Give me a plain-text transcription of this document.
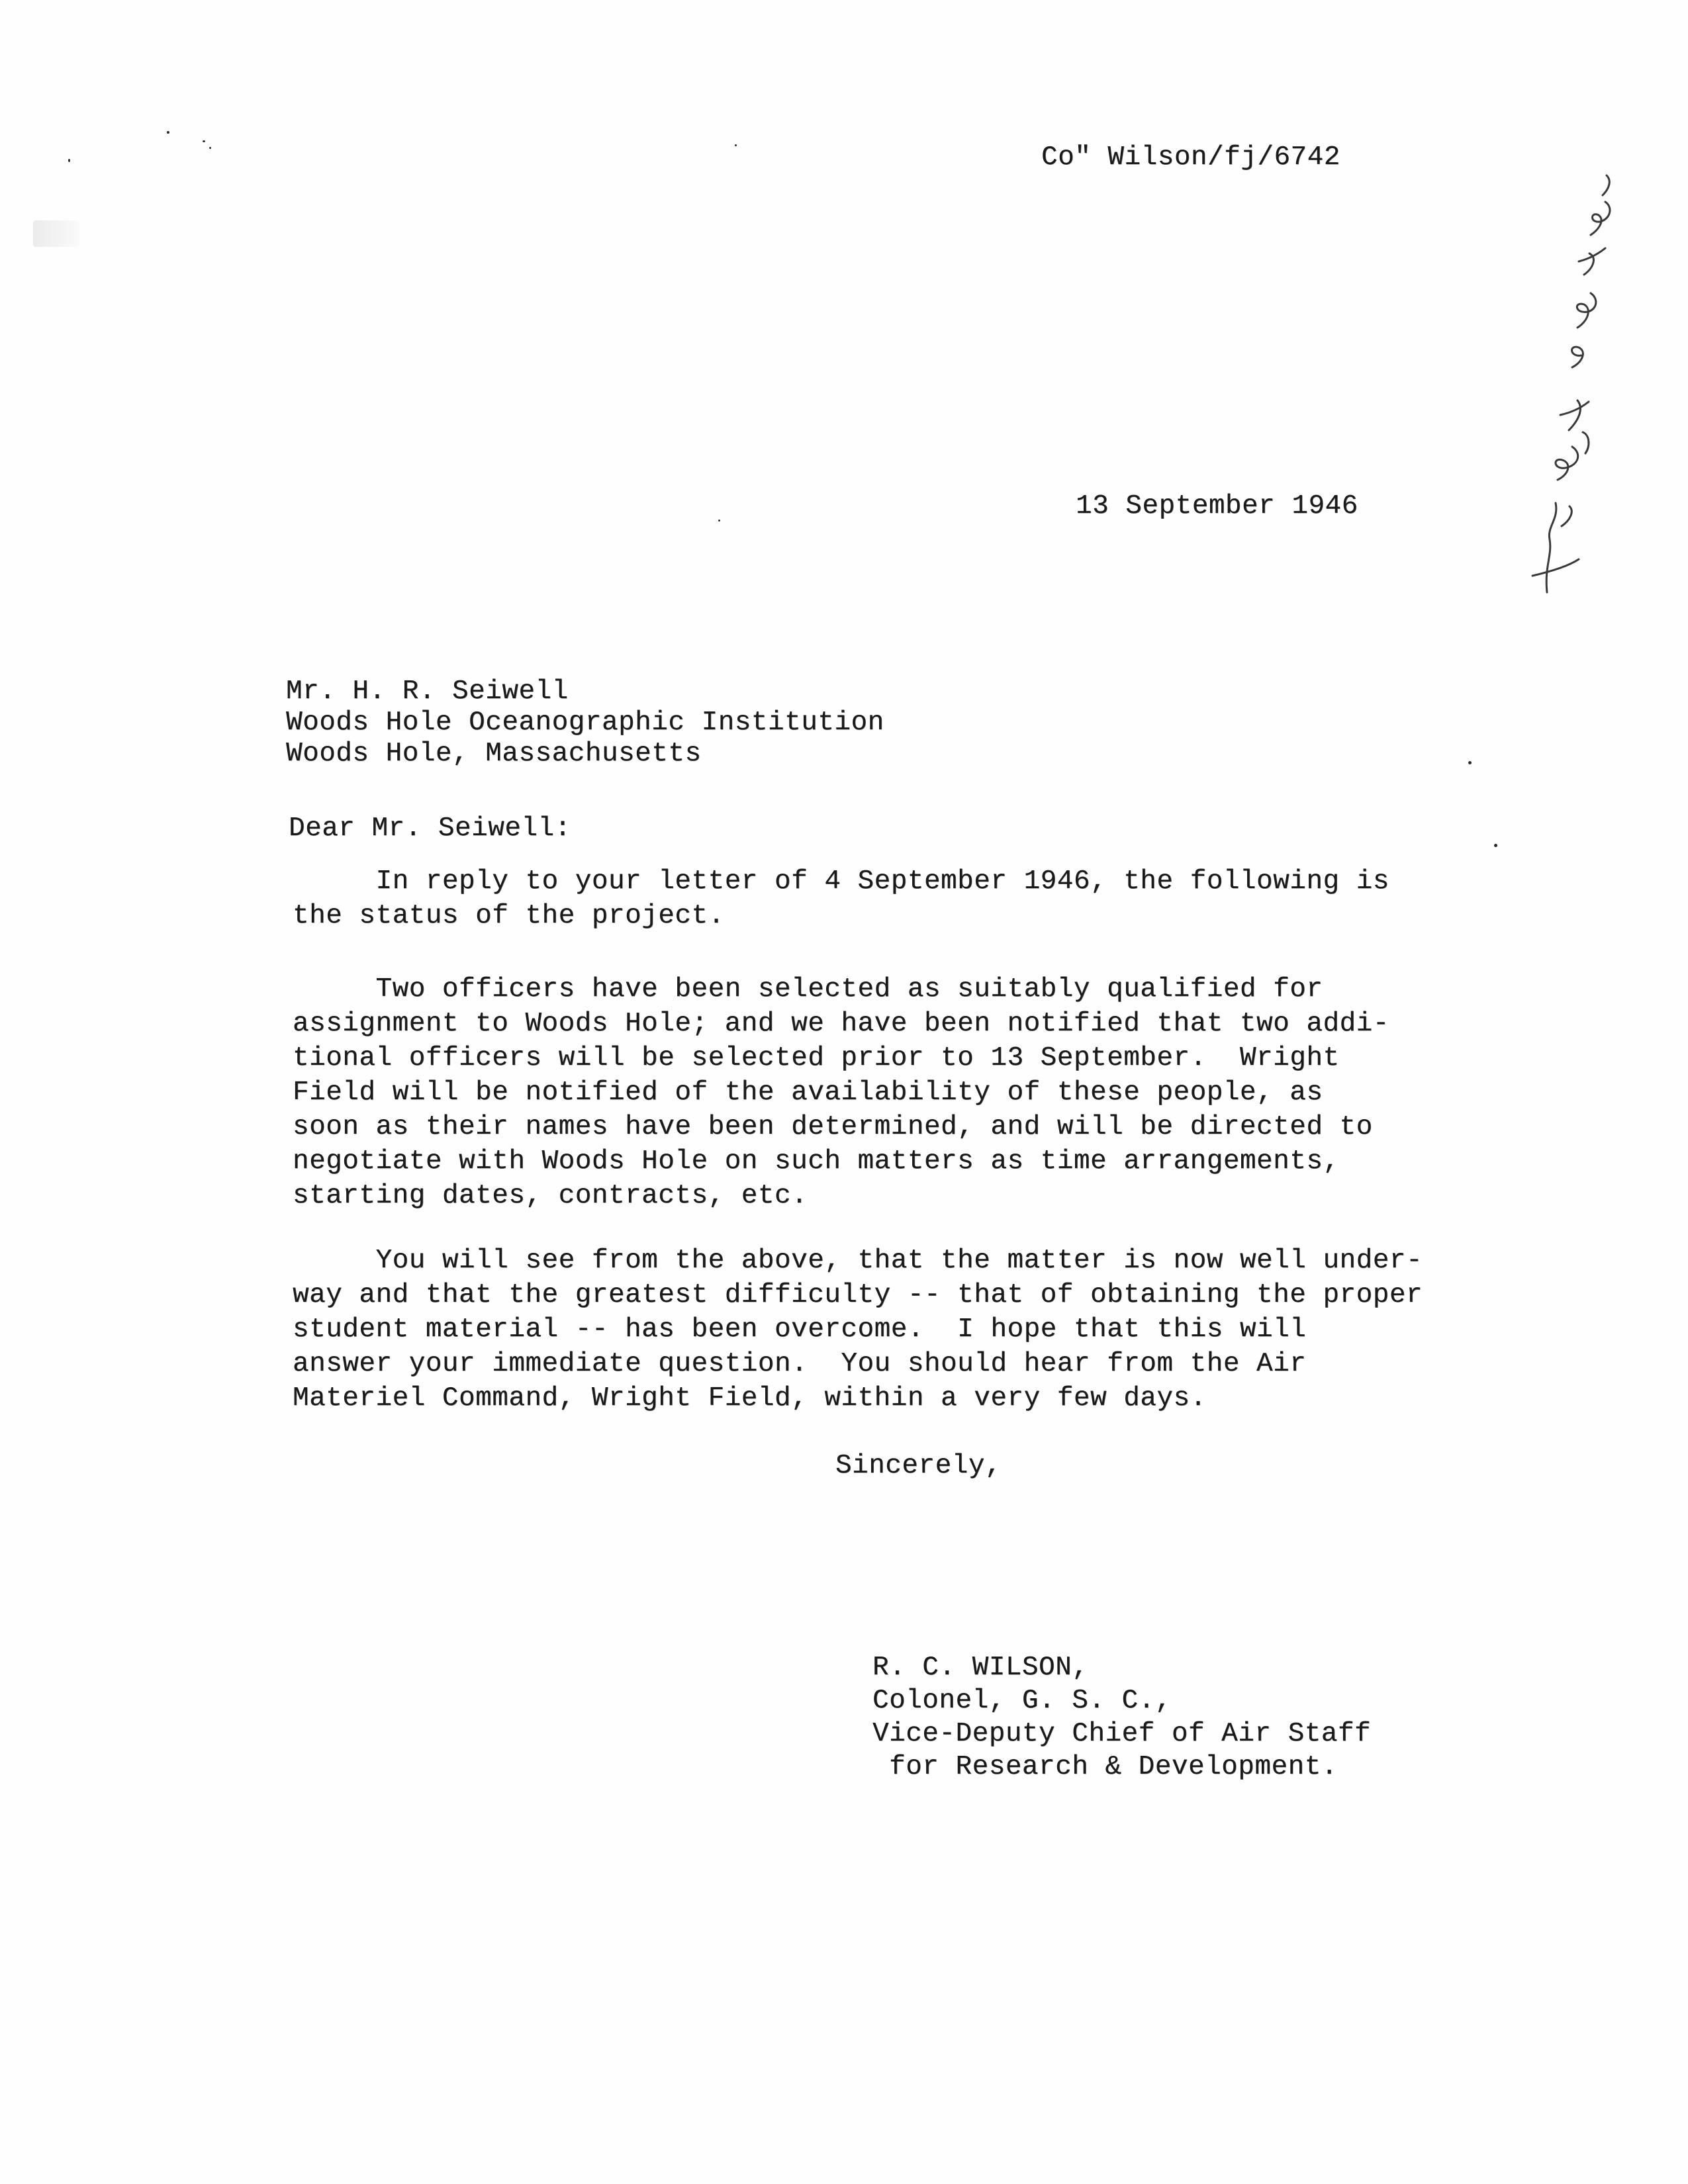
Coʺ Wilson/fj/6742
13 September 1946

Mr. H. R. Seiwell

Woods Hole Oceanographic Institution

Woods Hole, Massachusetts

Dear Mr. Seiwell:

In reply to your letter of 4 September 1946, the following is

the status of the project.

Two officers have been selected as suitably qualified for

assignment to Woods Hole; and we have been notified that two addi-

tional officers will be selected prior to 13 September.  Wright

Field will be notified of the availability of these people, as

soon as their names have been determined, and will be directed to

negotiate with Woods Hole on such matters as time arrangements,

starting dates, contracts, etc.

You will see from the above, that the matter is now well under-

way and that the greatest difficulty -- that of obtaining the proper

student material -- has been overcome.  I hope that this will

answer your immediate question.  You should hear from the Air

Materiel Command, Wright Field, within a very few days.

Sincerely,

R. C. WILSON,

Colonel, G. S. C.,

Vice-Deputy Chief of Air Staff

for Research & Development.
